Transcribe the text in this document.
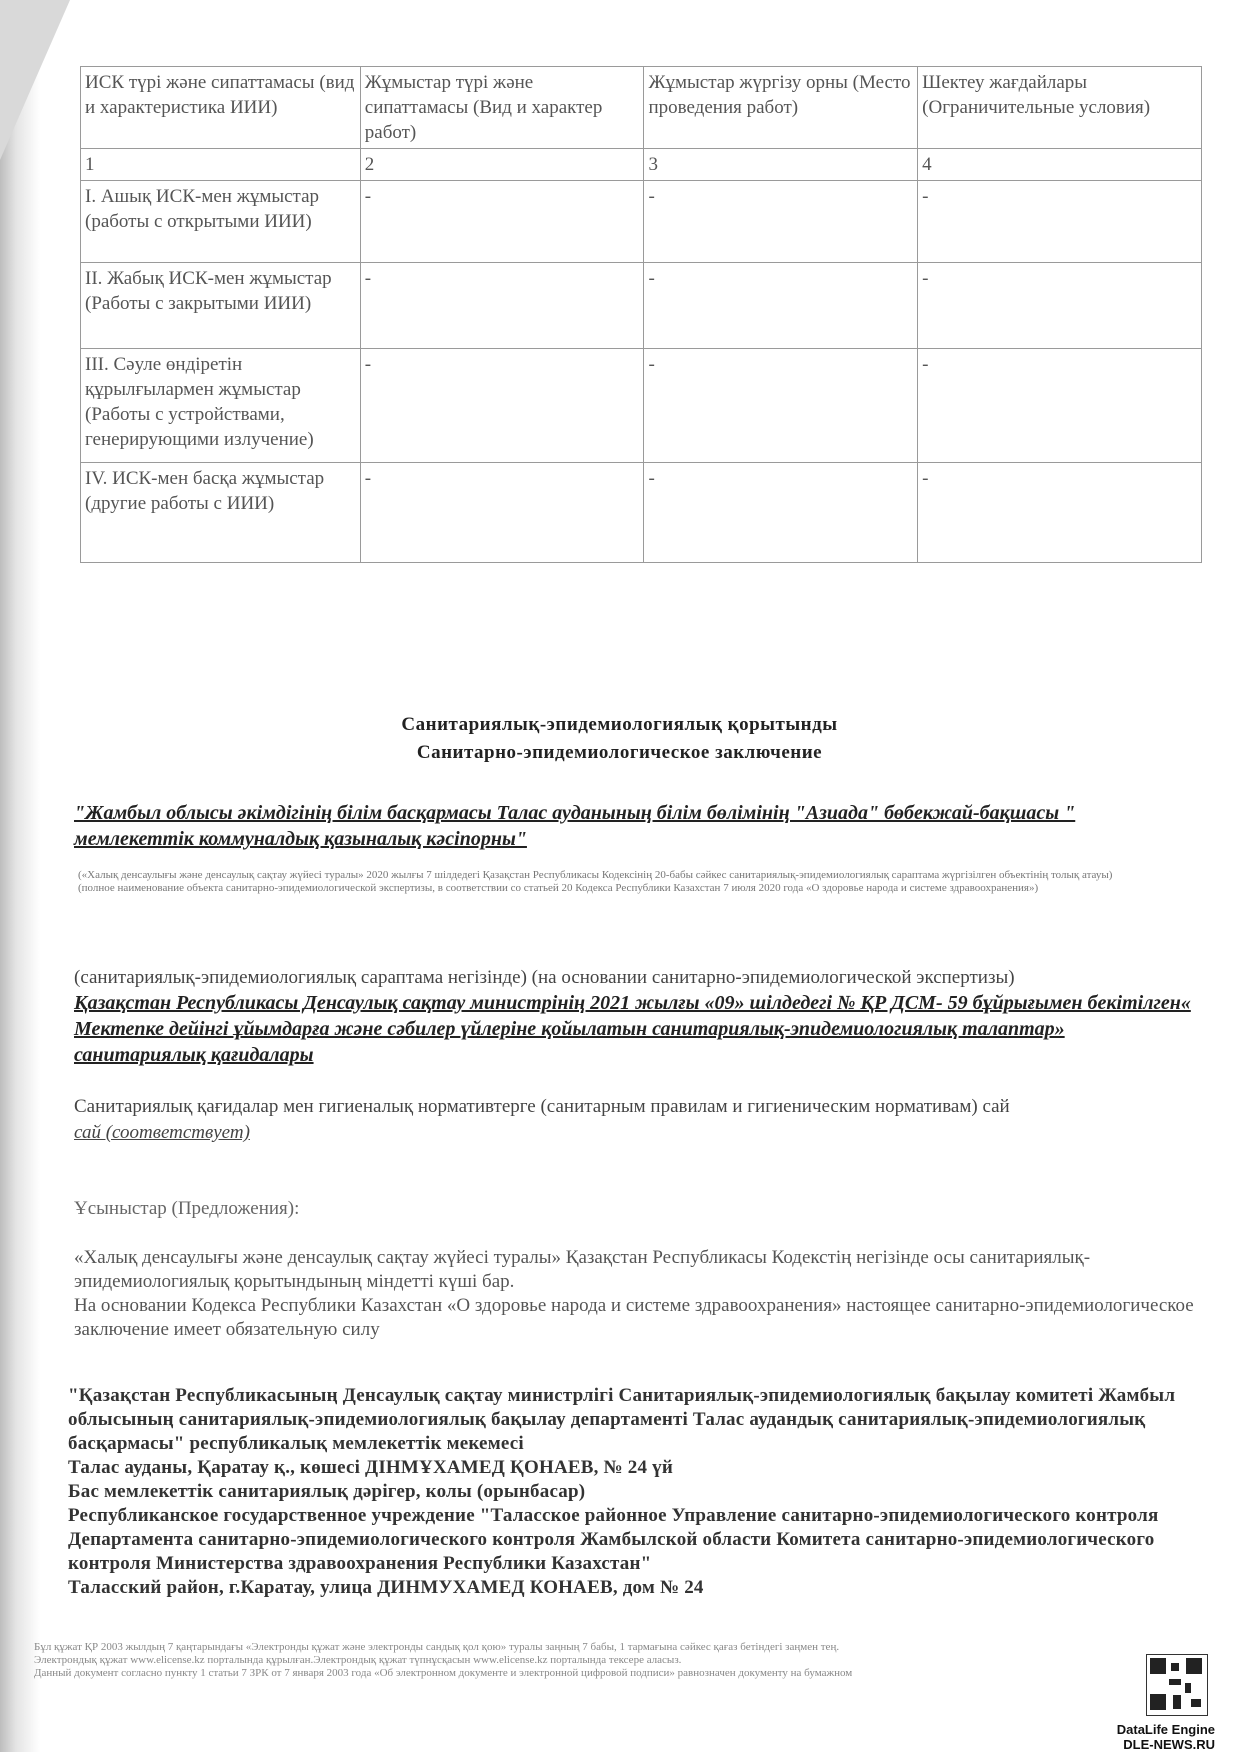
ИСК түрі және сипаттамасы (вид и характеристика ИИИ)	Жұмыстар түрі және сипаттамасы (Вид и характер работ)	Жұмыстар жүргізу орны (Место проведения работ)	Шектеу жағдайлары (Ограничительные условия)
1	2	3	4
I. Ашық ИСК-мен жұмыстар (работы с открытыми ИИИ)	-	-	-
II. Жабық ИСК-мен жұмыстар (Работы с закрытыми ИИИ)	-	-	-
III. Сәуле өндіретін құрылғылармен жұмыстар (Работы с устройствами, генерирующими излучение)	-	-	-
IV. ИСК-мен басқа жұмыстар (другие работы с ИИИ)	-	-	-
Санитариялық-эпидемиологиялық қорытынды
Санитарно-эпидемиологическое заключение
"Жамбыл облысы әкімдігінің білім басқармасы Талас ауданының білім бөлімінің "Азиада" бөбекжай-бақшасы " мемлекеттік коммуналдық қазыналық кәсіпорны"
(«Халық денсаулығы және денсаулық сақтау жүйесі туралы» 2020 жылғы 7 шілдедегі Қазақстан Республикасы Кодексінің 20-бабы сәйкес санитариялық-эпидемиологиялық сараптама жүргізілген объектінің толық атауы)
(полное наименование объекта санитарно-эпидемиологической экспертизы, в соответствии со статьей 20 Кодекса Республики Казахстан 7 июля 2020 года «О здоровье народа и системе здравоохранения»)
(санитариялық-эпидемиологиялық сараптама негізінде) (на основании санитарно-эпидемиологической экспертизы)
Қазақстан Республикасы Денсаулық сақтау министрінің 2021 жылғы «09» шілдедегі № ҚР ДСМ- 59 бұйрығымен бекітілген« Мектепке дейінгі ұйымдарға және сәбилер үйлеріне қойылатын санитариялық-эпидемиологиялық талаптар» санитариялық қағидалары
Санитариялық қағидалар мен гигиеналық нормативтерге (санитарным правилам и гигиеническим нормативам) сай
сай (соответствует)
Ұсыныстар (Предложения):
«Халық денсаулығы және денсаулық сақтау жүйесі туралы» Қазақстан Республикасы Кодекстің негізінде осы санитариялық-эпидемиологиялық қорытындының міндетті күші бар.
На основании Кодекса Республики Казахстан «О здоровье народа и системе здравоохранения» настоящее санитарно-эпидемиологическое заключение имеет обязательную силу
"Қазақстан Республикасының Денсаулық сақтау министрлігі Санитариялық-эпидемиологиялық бақылау комитеті Жамбыл облысының санитариялық-эпидемиологиялық бақылау департаменті Талас аудандық санитариялық-эпидемиологиялық басқармасы" республикалық мемлекеттік мекемесі
Талас ауданы, Қаратау қ., көшесі ДІНМҰХАМЕД ҚОНАЕВ, № 24 үй
Бас мемлекеттік санитариялық дәрігер, колы (орынбасар)
Республиканское государственное учреждение "Таласское районное Управление санитарно-эпидемиологического контроля Департамента санитарно-эпидемиологического контроля Жамбылской области Комитета санитарно-эпидемиологического контроля Министерства здравоохранения Республики Казахстан"
Таласский район, г.Каратау, улица ДИНМУХАМЕД КОНАЕВ, дом № 24
Бұл құжат ҚР 2003 жылдың 7 қаңтарындағы «Электронды құжат және электронды сандық қол қою» туралы заңның 7 бабы, 1 тармағына сәйкес қағаз бетіндегі заңмен тең.
Электрондық құжат www.elicense.kz порталында құрылған.Электрондық құжат түпнұсқасын www.elicense.kz порталында тексере аласыз.
Данный документ согласно пункту 1 статьи 7 ЗРК от 7 января 2003 года «Об электронном документе и электронной цифровой подписи» равнозначен документу на бумажном
DataLife Engine
DLE-NEWS.RU
